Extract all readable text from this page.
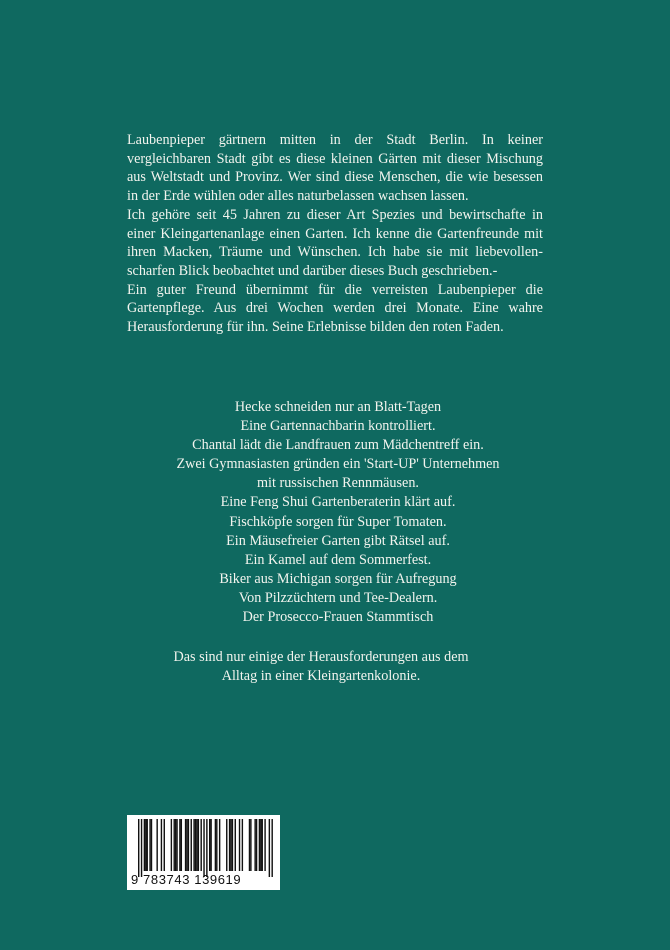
Laubenpieper gärtnern mitten in der Stadt Berlin. In keiner vergleichbaren Stadt gibt es diese kleinen Gärten mit dieser Mischung aus Weltstadt und Provinz. Wer sind diese Menschen, die wie besessen in der Erde wühlen oder alles naturbelassen wachsen lassen.

Ich gehöre seit 45 Jahren zu dieser Art Spezies und bewirtschafte in einer Kleingartenanlage einen Garten. Ich kenne die Gartenfreunde mit ihren Macken, Träume und Wünschen. Ich habe sie mit liebevollen-scharfen Blick beobachtet und darüber dieses Buch geschrieben.-

Ein guter Freund übernimmt für die verreisten Laubenpieper die Gartenpflege. Aus drei Wochen werden drei Monate. Eine wahre Herausforderung für ihn. Seine Erlebnisse bilden den roten Faden.

Hecke schneiden nur an Blatt-Tagen
Eine Gartennachbarin kontrolliert.
Chantal lädt die Landfrauen zum Mädchentreff ein.
Zwei Gymnasiasten gründen ein 'Start-UP' Unternehmen
mit russischen Rennmäusen.
Eine Feng Shui Gartenberaterin klärt auf.
Fischköpfe sorgen für Super Tomaten.
Ein Mäusefreier Garten gibt Rätsel auf.
Ein Kamel auf dem Sommerfest.
Biker aus Michigan sorgen für Aufregung
Von Pilzzüchtern und Tee-Dealern.
Der Prosecco-Frauen Stammtisch
Das sind nur einige der Herausforderungen aus dem
Alltag in einer Kleingartenkolonie.
9 783743 139619
